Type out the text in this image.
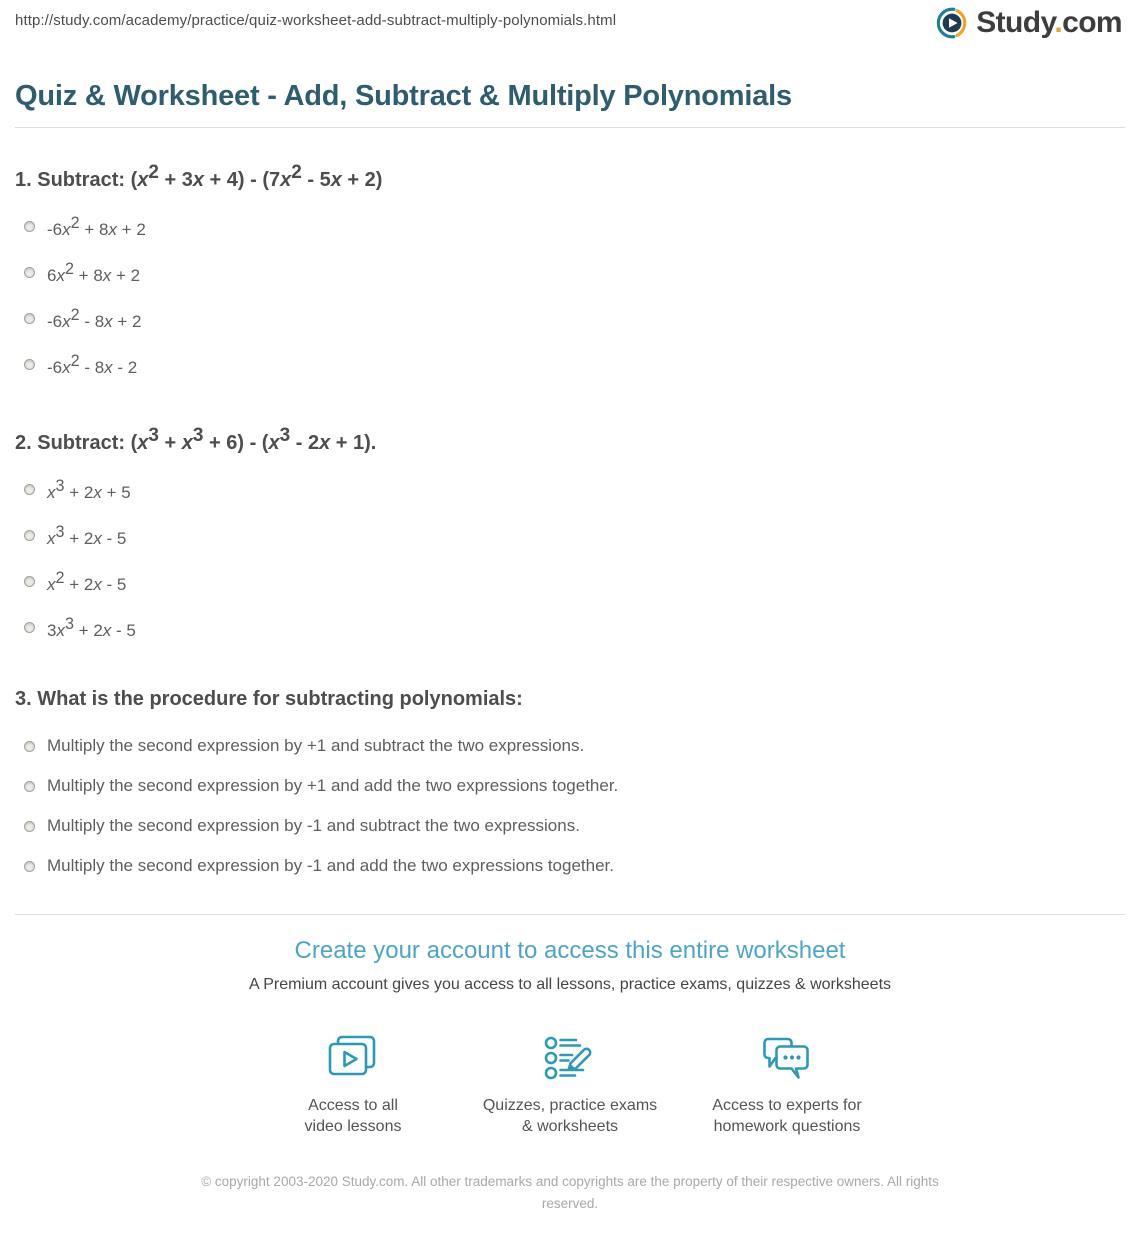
http://study.com/academy/practice/quiz-worksheet-add-subtract-multiply-polynomials.html	Study.com
Quiz & Worksheet - Add, Subtract & Multiply Polynomials
1. Subtract: $(x^2 + 3x + 4) - (7x^2 - 5x + 2)$
$-6x^2 + 8x + 2$
$6x^2 + 8x + 2$
$-6x^2 - 8x + 2$
$-6x^2 - 8x - 2$
2. Subtract: $(x^3 + x^3 + 6) - (x^3 - 2x + 1)$.
$x^3 + 2x + 5$
$x^3 + 2x - 5$
$x^2 + 2x - 5$
$3x^3 + 2x - 5$
3. What is the procedure for subtracting polynomials:
Multiply the second expression by +1 and subtract the two expressions.
Multiply the second expression by +1 and add the two expressions together.
Multiply the second expression by -1 and subtract the two expressions.
Multiply the second expression by -1 and add the two expressions together.
Create your account to access this entire worksheet
A Premium account gives you access to all lessons, practice exams, quizzes & worksheets
Access to all
video lessons
Quizzes, practice exams
& worksheets
Access to experts for
homework questions
© copyright 2003-2020 Study.com. All other trademarks and copyrights are the property of their respective owners. All rights reserved.
